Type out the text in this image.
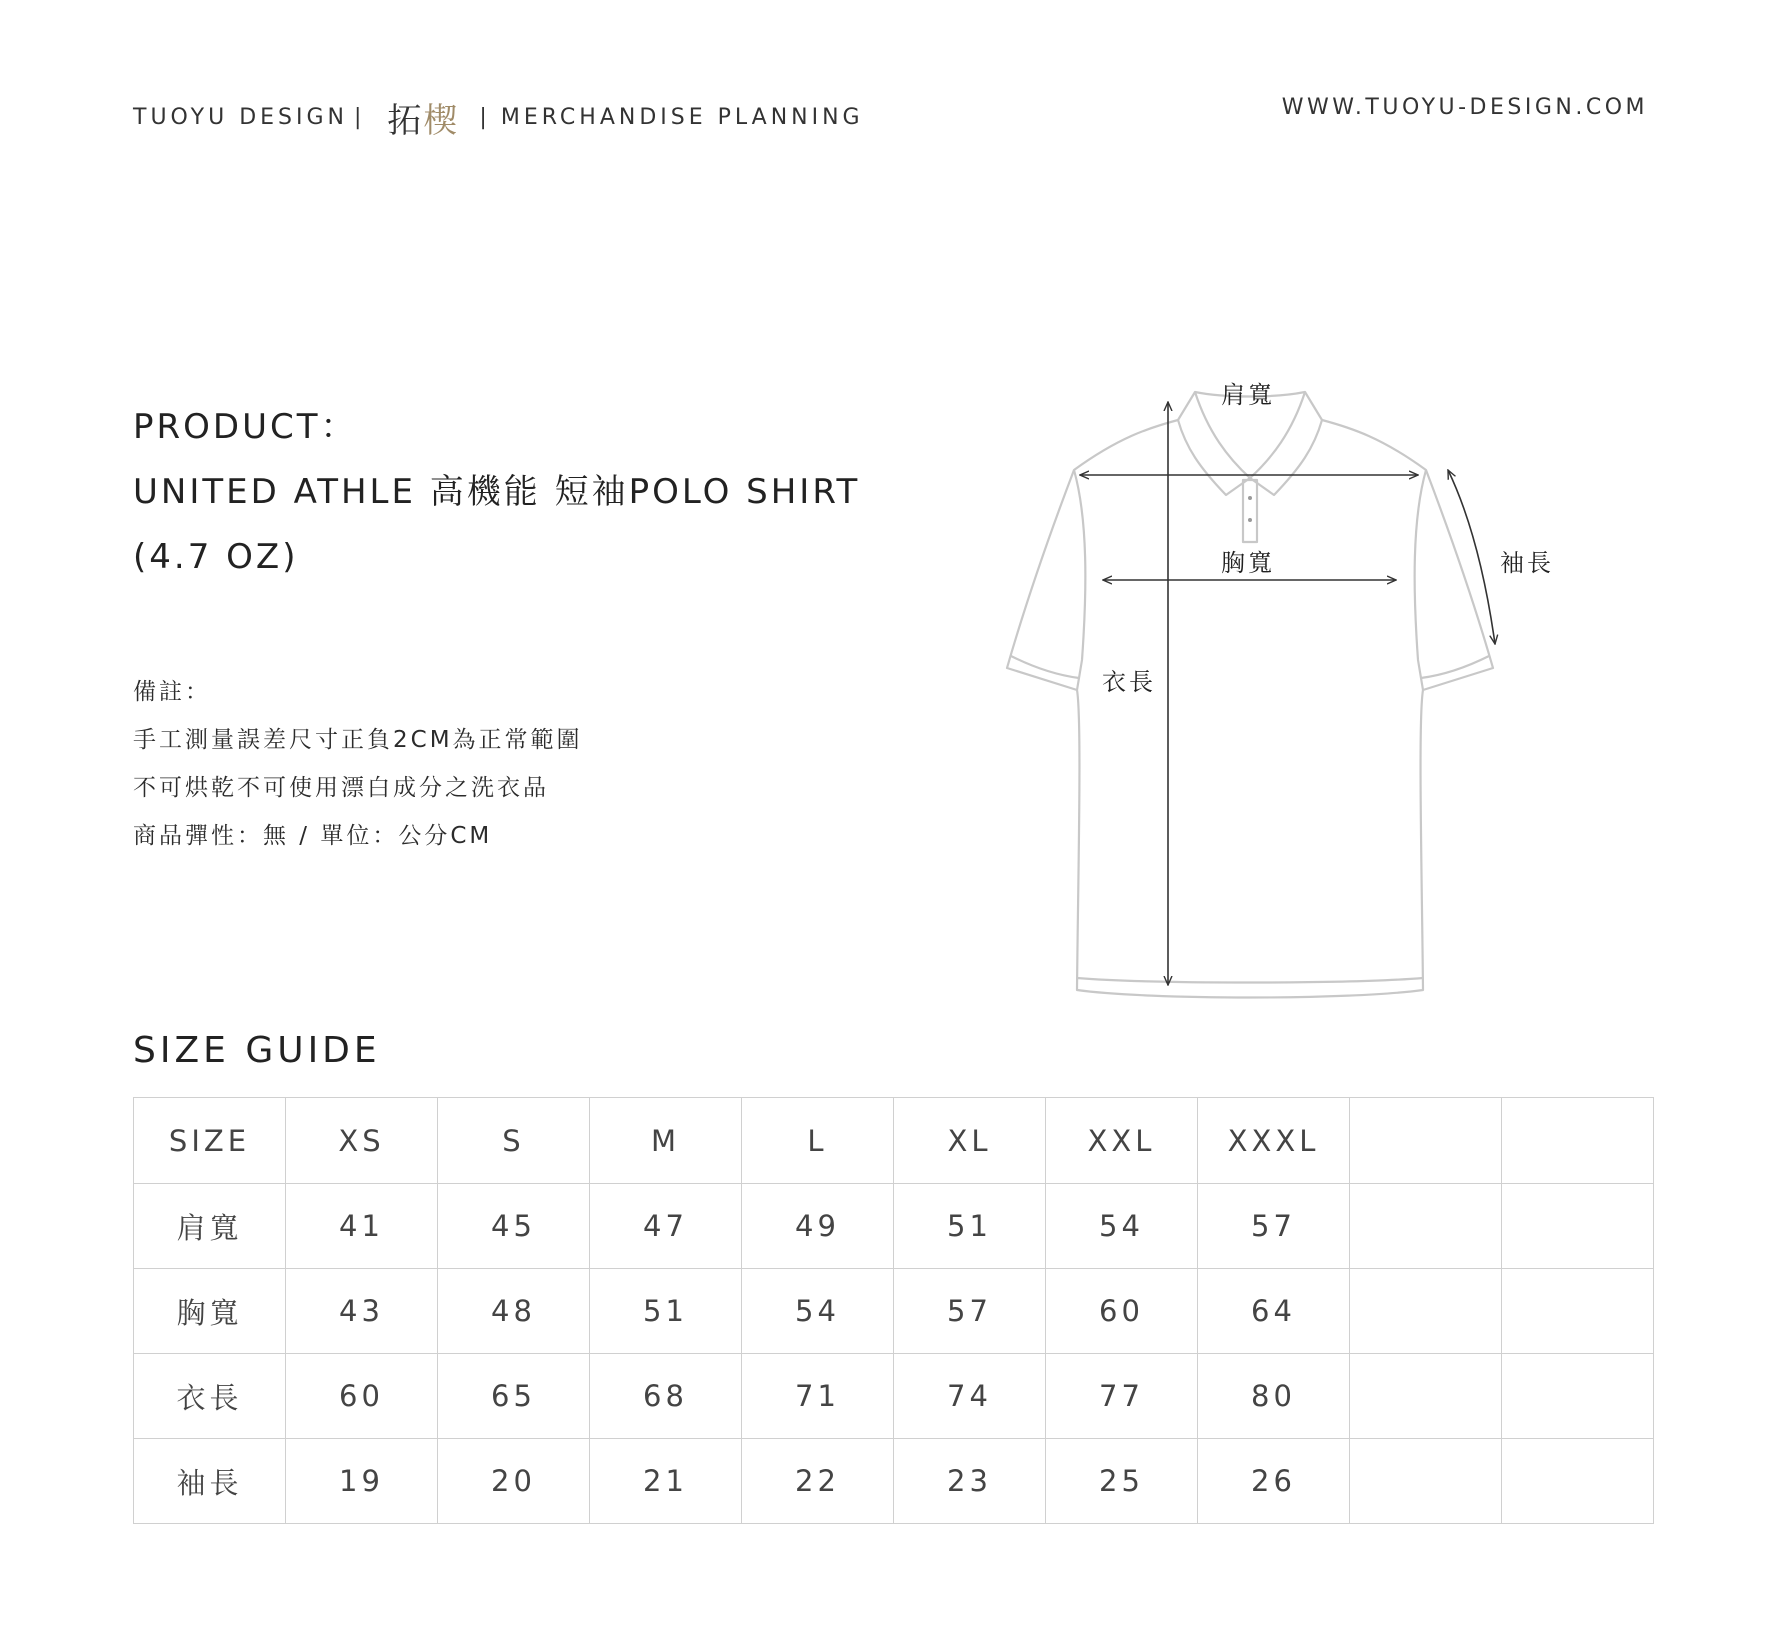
TUOYU DESIGN | 拓楔 | MERCHANDISE PLANNING	WWW.TUOYU-DESIGN.COM
PRODUCT：
UNITED ATHLE 高機能 短袖POLO SHIRT
(4.7 OZ)
備註：
手工測量誤差尺寸正負2CM為正常範圍
不可烘乾不可使用漂白成分之洗衣品
商品彈性：無 / 單位：公分CM
肩寬
胸寬
衣長
袖長
SIZE GUIDE
SIZE	XS	S	M	L	XL	XXL	XXXL		
肩寬	41	45	47	49	51	54	57		
胸寬	43	48	51	54	57	60	64		
衣長	60	65	68	71	74	77	80		
袖長	19	20	21	22	23	25	26		
